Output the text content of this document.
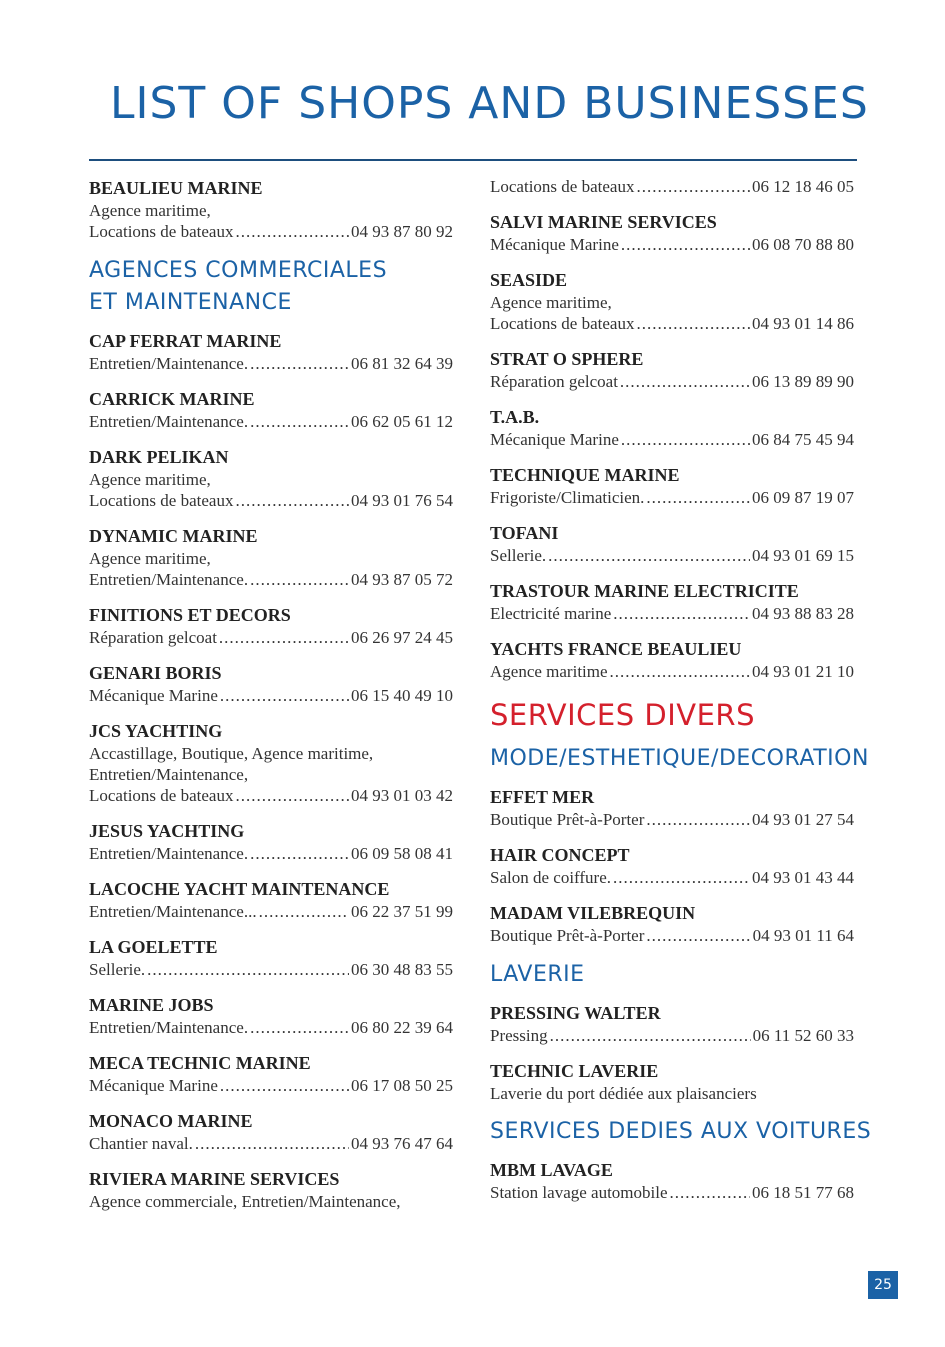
LIST OF SHOPS AND BUSINESSES
BEAULIEU MARINE
Agence maritime,
Locations de bateaux .....	04 93 87 80 92
AGENCES COMMERCIALES
ET MAINTENANCE
CAP FERRAT MARINE
Entretien/Maintenance. .....	06 81 32 64 39
CARRICK MARINE
Entretien/Maintenance. .....	06 62 05 61 12
DARK PELIKAN
Agence maritime,
Locations de bateaux .....	04 93 01 76 54
DYNAMIC MARINE
Agence maritime,
Entretien/Maintenance. .....	04 93 87 05 72
FINITIONS ET DECORS
Réparation gelcoat .....	06 26 97 24 45
GENARI BORIS
Mécanique Marine .....	06 15 40 49 10
JCS YACHTING
Accastillage, Boutique, Agence maritime,
Entretien/Maintenance,
Locations de bateaux .....	04 93 01 03 42
JESUS YACHTING
Entretien/Maintenance. .....	06 09 58 08 41
LACOCHE YACHT MAINTENANCE
Entretien/Maintenance... .....	06 22 37 51 99
LA GOELETTE
Sellerie. .....	06 30 48 83 55
MARINE JOBS
Entretien/Maintenance. .....	06 80 22 39 64
MECA TECHNIC MARINE
Mécanique Marine .....	06 17 08 50 25
MONACO MARINE
Chantier naval. .....	04 93 76 47 64
RIVIERA MARINE SERVICES
Agence commerciale, Entretien/Maintenance,
Locations de bateaux .....	06 12 18 46 05
SALVI MARINE SERVICES
Mécanique Marine .....	06 08 70 88 80
SEASIDE
Agence maritime,
Locations de bateaux .....	04 93 01 14 86
STRAT O SPHERE
Réparation gelcoat .....	06 13 89 89 90
T.A.B.
Mécanique Marine .....	06 84 75 45 94
TECHNIQUE MARINE
Frigoriste/Climaticien. .....	06 09 87 19 07
TOFANI
Sellerie. .....	04 93 01 69 15
TRASTOUR MARINE ELECTRICITE
Electricité marine .....	04 93 88 83 28
YACHTS FRANCE BEAULIEU
Agence maritime .....	04 93 01 21 10
SERVICES DIVERS
MODE/ESTHETIQUE/DECORATION
EFFET MER
Boutique Prêt-à-Porter .....	04 93 01 27 54
HAIR CONCEPT
Salon de coiffure. .....	04 93 01 43 44
MADAM VILEBREQUIN
Boutique Prêt-à-Porter .....	04 93 01 11 64
LAVERIE
PRESSING WALTER
Pressing .....	06 11 52 60 33
TECHNIC LAVERIE
Laverie du port dédiée aux plaisanciers
SERVICES DEDIES AUX VOITURES
MBM LAVAGE
Station lavage automobile .....	06 18 51 77 68
25
